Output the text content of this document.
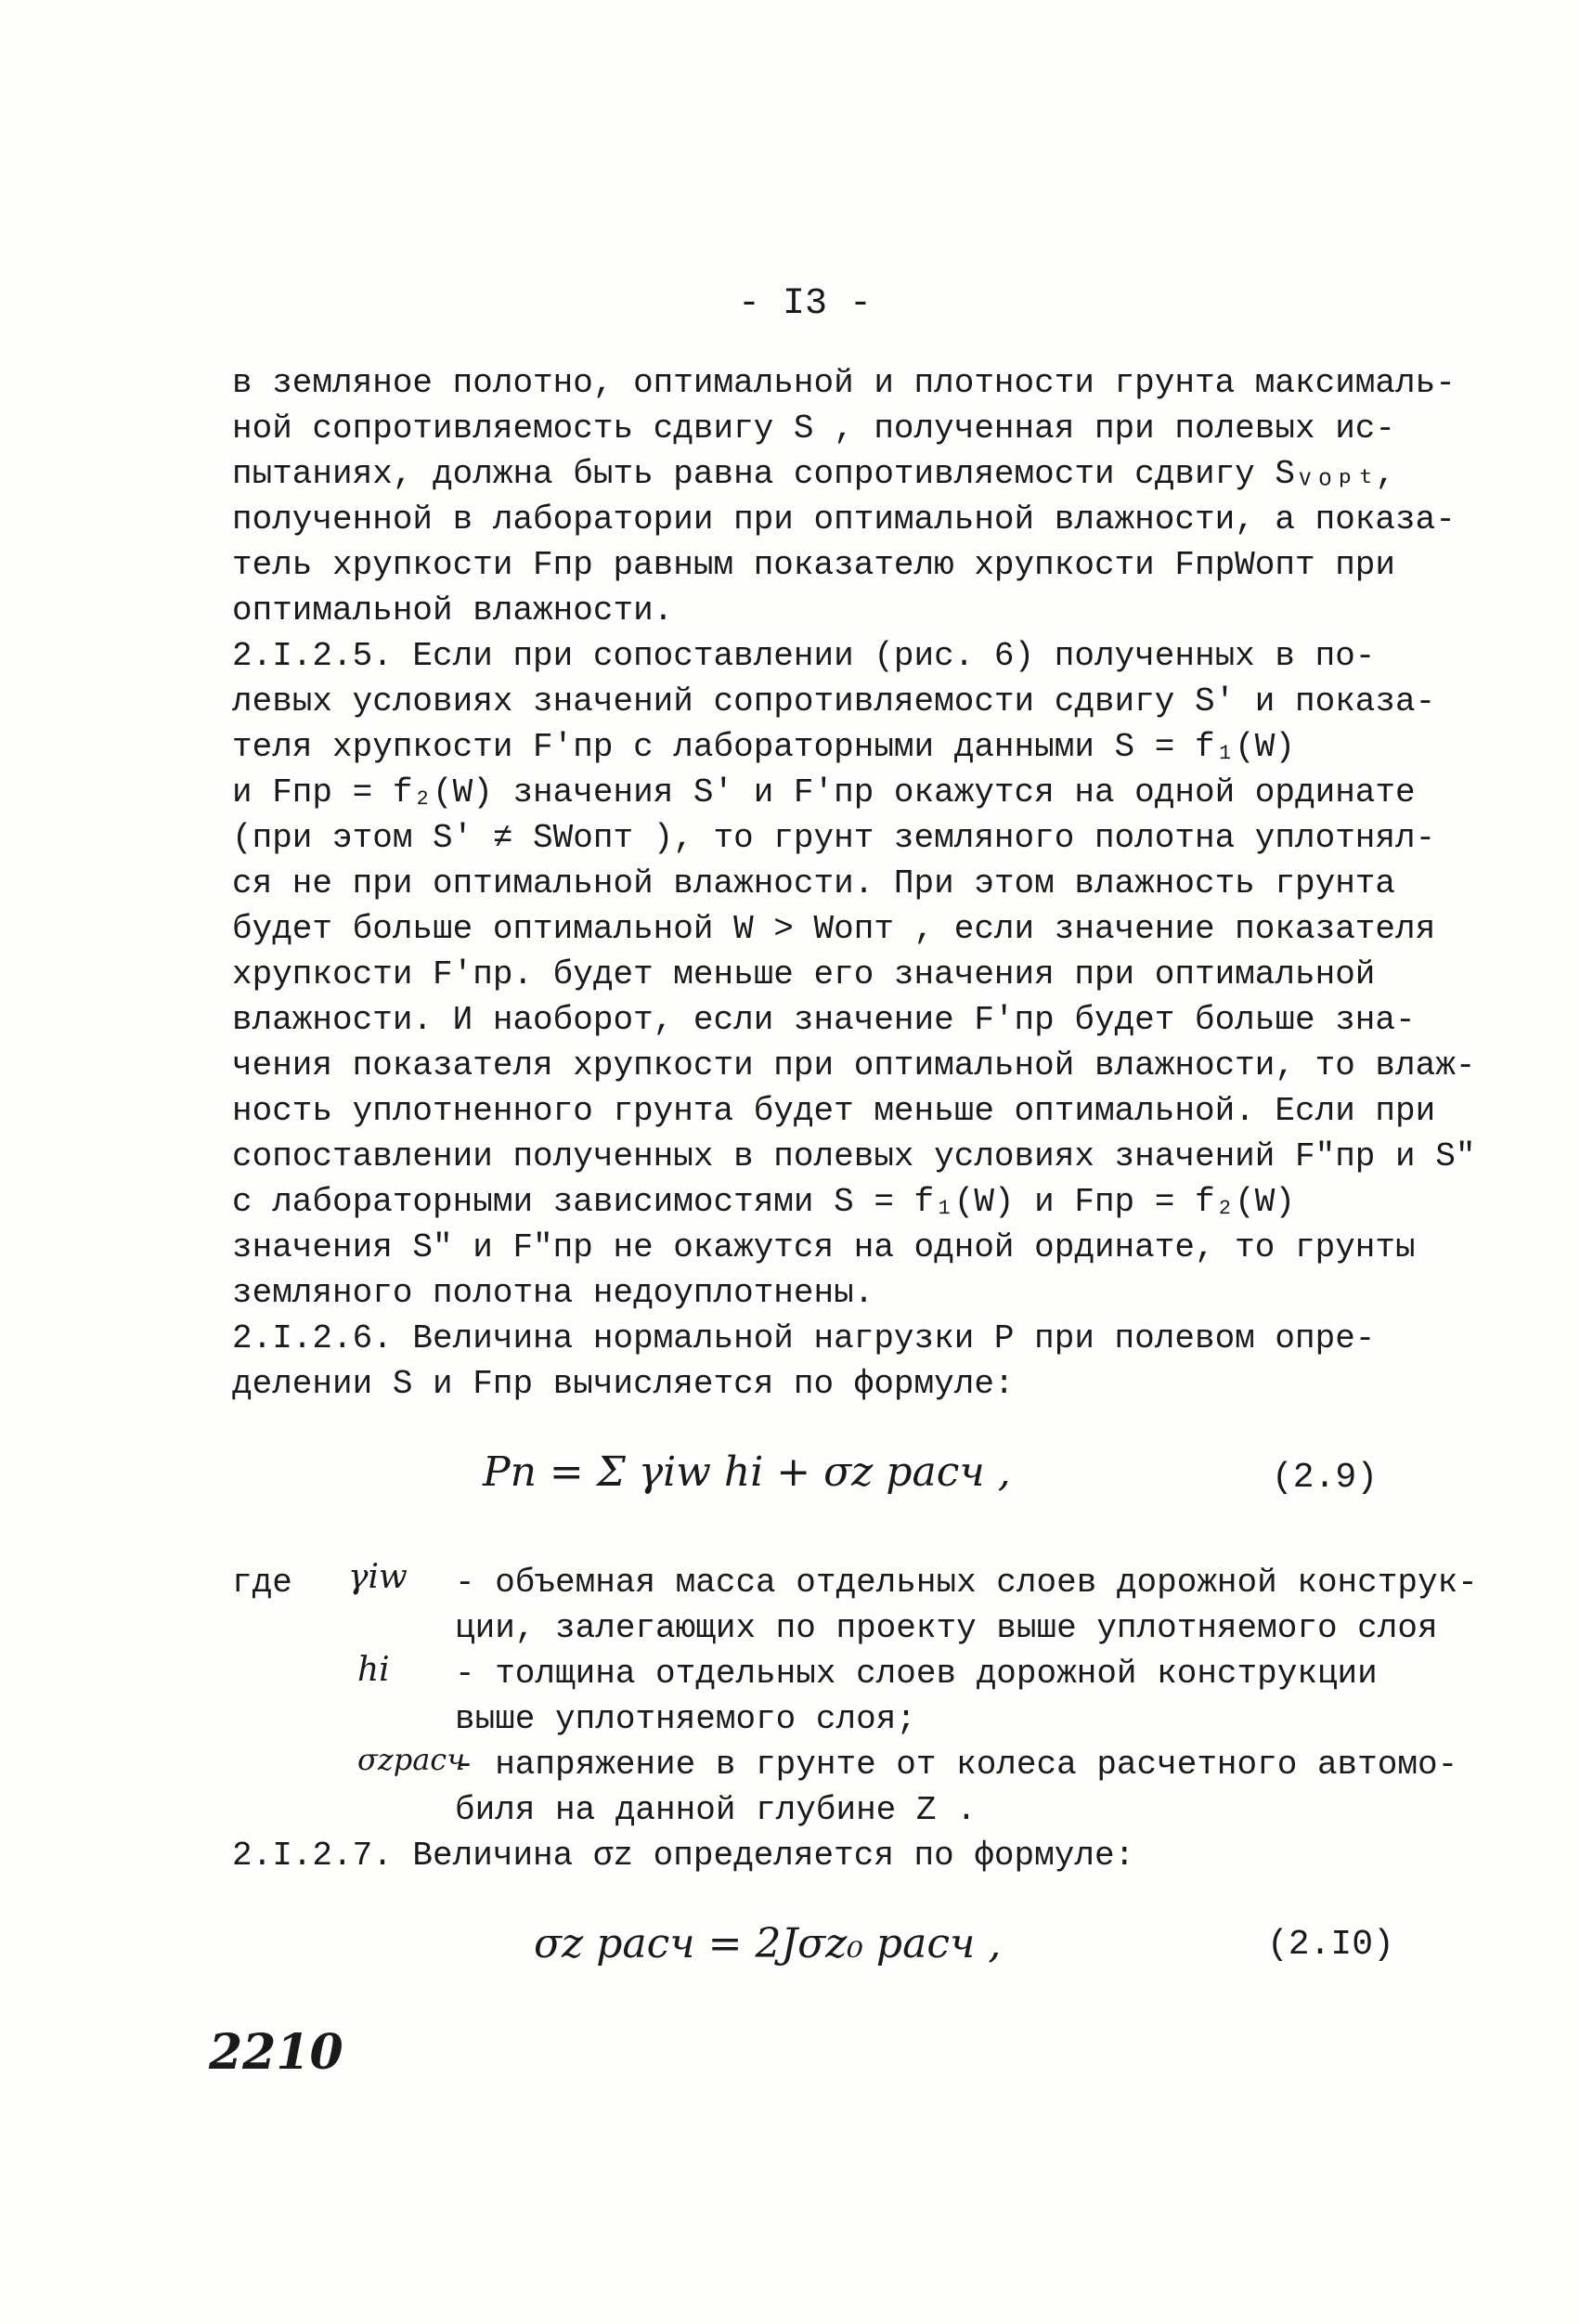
- I3 -
в земляное полотно, оптимальной и плотности грунта максималь-
ной сопротивляемость сдвигу S , полученная при полевых ис-
пытаниях, должна быть равна сопротивляемости сдвигу Sᵥₒₚₜ,
полученной в лаборатории при оптимальной влажности, а показа-
тель хрупкости Fпр равным показателю хрупкости FпрWопт при
оптимальной влажности.
2.I.2.5. Если при сопоставлении (рис. 6) полученных в по-
левых условиях значений сопротивляемости сдвигу S′ и показа-
теля хрупкости F′пр с лабораторными данными S = f₁(W)
и Fпр = f₂(W) значения S′ и F′пр окажутся на одной ординате
(при этом S′ ≠ SWопт ), то грунт земляного полотна уплотнял-
ся не при оптимальной влажности. При этом влажность грунта
будет больше оптимальной W > Wопт , если значение показателя
хрупкости F′пр. будет меньше его значения при оптимальной
влажности. И наоборот, если значение F′пр будет больше зна-
чения показателя хрупкости при оптимальной влажности, то влаж-
ность уплотненного грунта будет меньше оптимальной. Если при
сопоставлении полученных в полевых условиях значений F″пр и S″
с лабораторными зависимостями S = f₁(W) и Fпр = f₂(W)
значения S″ и F″пр не окажутся на одной ординате, то грунты
земляного полотна недоуплотнены.
2.I.2.6. Величина нормальной нагрузки Р при полевом опре-
делении S и Fпр вычисляется по формуле:
Pп = Σ γiw hi + σz расч ,	(2.9)
где γiw - объемная масса отдельных слоев дорожной конструк-
ции, залегающих по проекту выше уплотняемого слоя
hi - толщина отдельных слоев дорожной конструкции
выше уплотняемого слоя;
σzрасч
- напряжение в грунте от колеса расчетного автомо-
биля на данной глубине Z .
2.I.2.7. Величина σz определяется по формуле:
σz расч = 2Jσz₀ расч ,	(2.I0)
2210
